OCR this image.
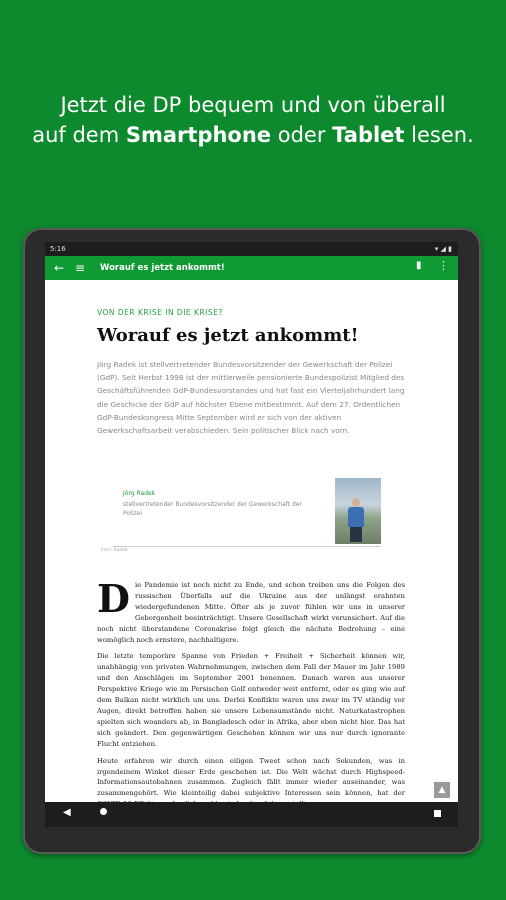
Jetzt die DP bequem und von überall
auf dem Smartphone oder Tablet lesen.
5:16	▾ ◢ ▮
← ≡ Worauf es jetzt ankommt!	▮ ⋮
VON DER KRISE IN DIE KRISE?
Worauf es jetzt ankommt!
Jörg Radek ist stellvertretender Bundesvorsitzender der Gewerkschaft der Polizei (GdP). Seit Herbst 1998 ist der mittlerweile pensionierte Bundespolizist Mitglied des Geschäftsführenden GdP-Bundesvorstandes und hat fast ein Vierteljahrhundert lang die Geschicke der GdP auf höchster Ebene mitbestimmt. Auf dem 27. Ordentlichen GdP-Bundeskongress Mitte September wird er sich von der aktiven Gewerkschaftsarbeit verabschieden. Sein politischer Blick nach vorn.
Jörg Radek
stellvertretender Bundesvorsitzender der Gewerkschaft der Polizei
Foto: Radek

Die Pandemie ist noch nicht zu Ende, und schon treiben uns die Folgen des russischen Überfalls auf die Ukraine aus der unlängst erahnten wiedergefundenen Mitte. Öfter als je zuvor fühlen wir uns in unserer Geborgenheit beeinträchtigt. Unsere Gesellschaft wirkt verunsichert. Auf die noch nicht überstandene Coronakrise folgt gleich die nächste Bedrohung – eine womöglich noch ernstere, nachhaltigere.

Die letzte temporäre Spanne von Frieden + Freiheit + Sicherheit können wir, unabhängig von privaten Wahrnehmungen, zwischen dem Fall der Mauer im Jahr 1989 und den Anschlägen im September 2001 benennen. Danach waren aus unserer Perspektive Kriege wie im Persischen Golf entweder weit entfernt, oder es ging wie auf dem Balkan nicht wirklich um uns. Derlei Konflikte waren uns zwar im TV ständig vor Augen, direkt betroffen haben sie unsere Lebensumstände nicht. Naturkatastrophen spielten sich woanders ab, in Bangladesch oder in Afrika, aber eben nicht hier. Das hat sich geändert. Den gegenwärtigen Geschehen können wir uns nur durch ignorante Flucht entziehen.

Heute erfahren wir durch einen eiligen Tweet schon nach Sekunden, was in irgendeinem Winkel dieser Erde geschehen ist. Die Welt wächst durch Highspeed-Informationsautobahnen zusammen. Zugleich fällt immer wieder auseinander, was zusammengehört. Wie kleinteilig dabei subjektive Interessen sein können, hat der	▲
◀
